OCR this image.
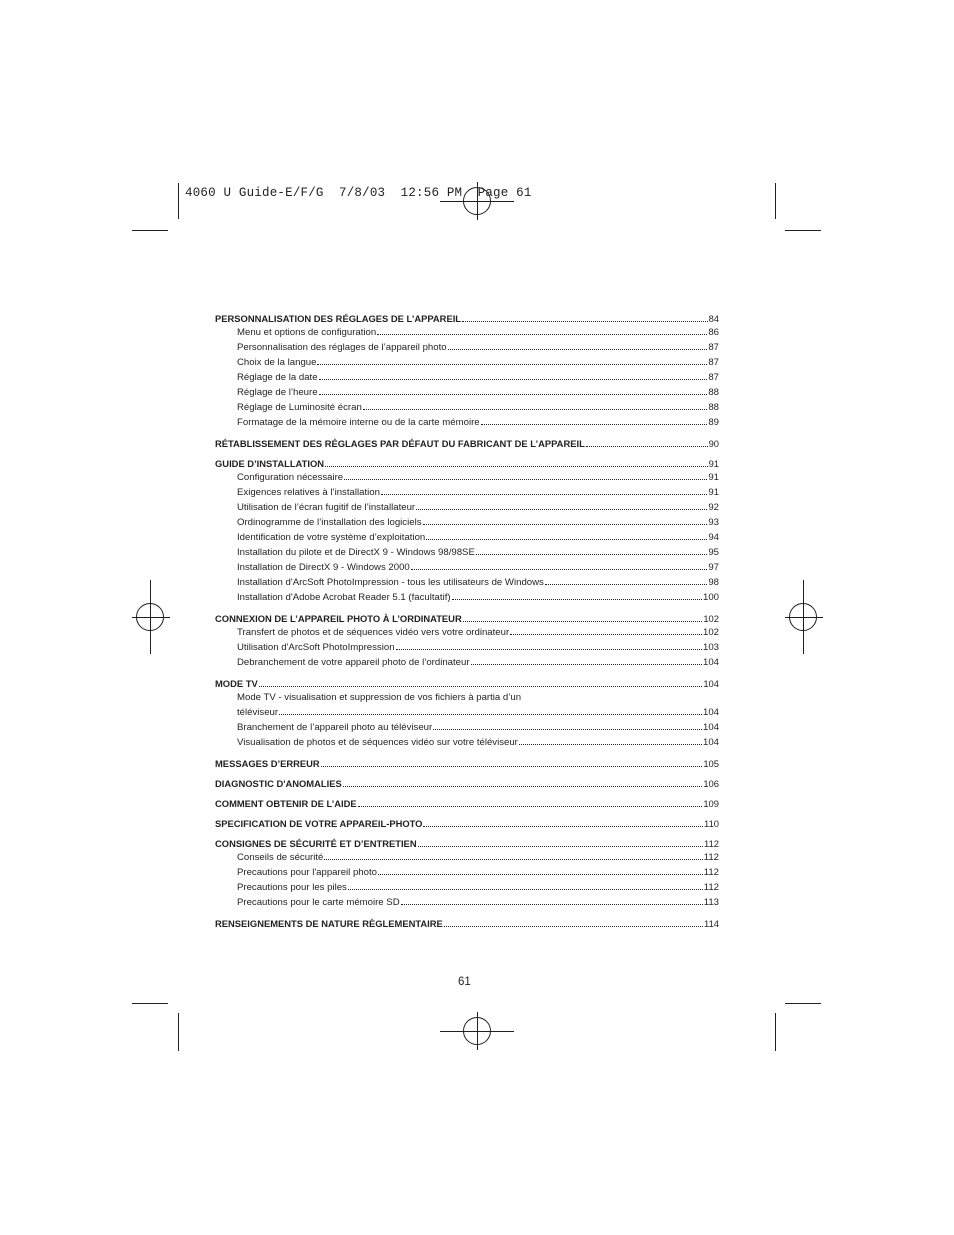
4060 U Guide-E/F/G  7/8/03  12:56 PM  Page 61
PERSONNALISATION DES RÉGLAGES DE L’APPAREIL	84
Menu et options de configuration	86
Personnalisation des réglages de l’appareil photo	87
Choix de la langue	87
Réglage de la date	87
Réglage de l’heure	88
Réglage de Luminosité écran	88
Formatage de la mémoire interne ou de la carte mémoire	89
RÉTABLISSEMENT DES RÉGLAGES PAR DÉFAUT DU FABRICANT DE L’APPAREIL	90
GUIDE D’INSTALLATION	91
Configuration nécessaire	91
Exigences relatives à l’installation	91
Utilisation de l’écran fugitif de l’installateur	92
Ordinogramme de l’installation des logiciels	93
Identification de votre système d’exploitation	94
Installation du pilote et de DirectX 9 - Windows 98/98SE	95
Installation de DirectX 9 - Windows 2000	97
Installation d'ArcSoft PhotoImpression - tous les utilisateurs de Windows	98
Installation d'Adobe Acrobat Reader 5.1 (facultatif)	100
CONNEXION DE L’APPAREIL PHOTO À L’ORDINATEUR	102
Transfert de photos et de séquences vidéo vers votre ordinateur	102
Utilisation d'ArcSoft PhotoImpression	103
Debranchement de votre appareil photo de l’ordinateur	104
MODE TV	104
Mode TV - visualisation et suppression de vos fichiers à partia d’un
téléviseur	104
Branchement de l’appareil photo au téléviseur	104
Visualisation de photos et de séquences vidéo sur votre téléviseur	104
MESSAGES D’ERREUR	105
DIAGNOSTIC D'ANOMALIES	106
COMMENT OBTENIR DE L’AIDE	109
SPECIFICATION DE VOTRE APPAREIL-PHOTO	110
CONSIGNES DE SÉCURITÉ ET D’ENTRETIEN	112
Conseils de sécurité	112
Precautions pour l'appareil photo	112
Precautions pour les piles	112
Precautions pour le carte mémoire SD	113
RENSEIGNEMENTS DE NATURE RÈGLEMENTAIRE	114
61
